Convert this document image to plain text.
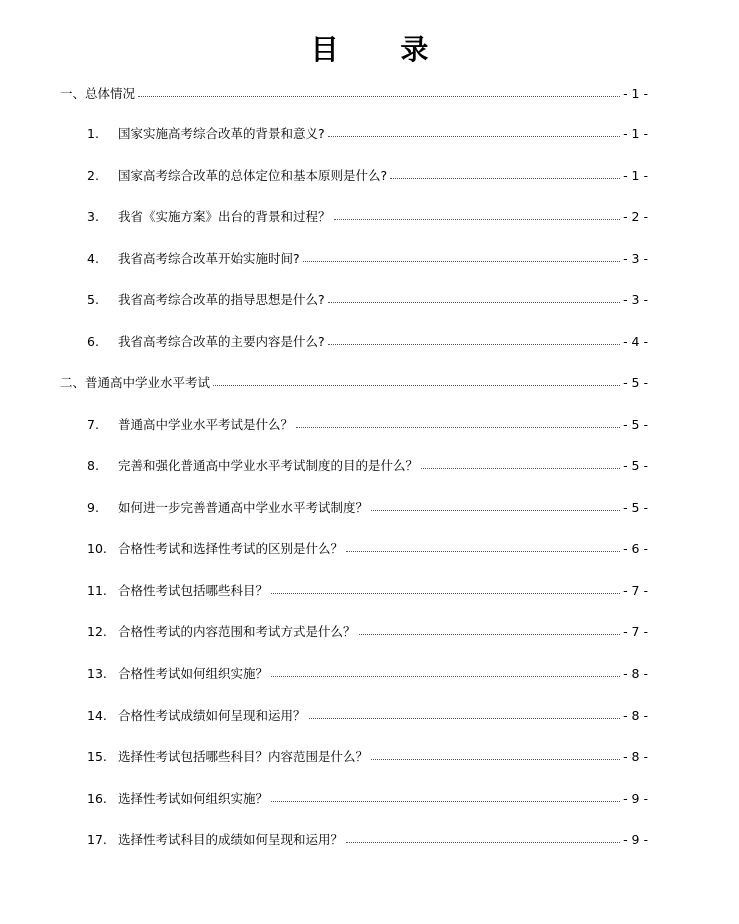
目 录
一、总体情况	- 1 -
1.	国家实施高考综合改革的背景和意义?	- 1 -
2.	国家高考综合改革的总体定位和基本原则是什么?	- 1 -
3.	我省《实施方案》出台的背景和过程？	- 2 -
4.	我省高考综合改革开始实施时间?	- 3 -
5.	我省高考综合改革的指导思想是什么?	- 3 -
6.	我省高考综合改革的主要内容是什么?	- 4 -
二、普通高中学业水平考试	- 5 -
7.	普通高中学业水平考试是什么？	- 5 -
8.	完善和强化普通高中学业水平考试制度的目的是什么？	- 5 -
9.	如何进一步完善普通高中学业水平考试制度？	- 5 -
10. 合格性考试和选择性考试的区别是什么？	- 6 -
11. 合格性考试包括哪些科目？	- 7 -
12. 合格性考试的内容范围和考试方式是什么？	- 7 -
13. 合格性考试如何组织实施？	- 8 -
14. 合格性考试成绩如何呈现和运用？	- 8 -
15. 选择性考试包括哪些科目？内容范围是什么？	- 8 -
16. 选择性考试如何组织实施？	- 9 -
17. 选择性考试科目的成绩如何呈现和运用？	- 9 -
